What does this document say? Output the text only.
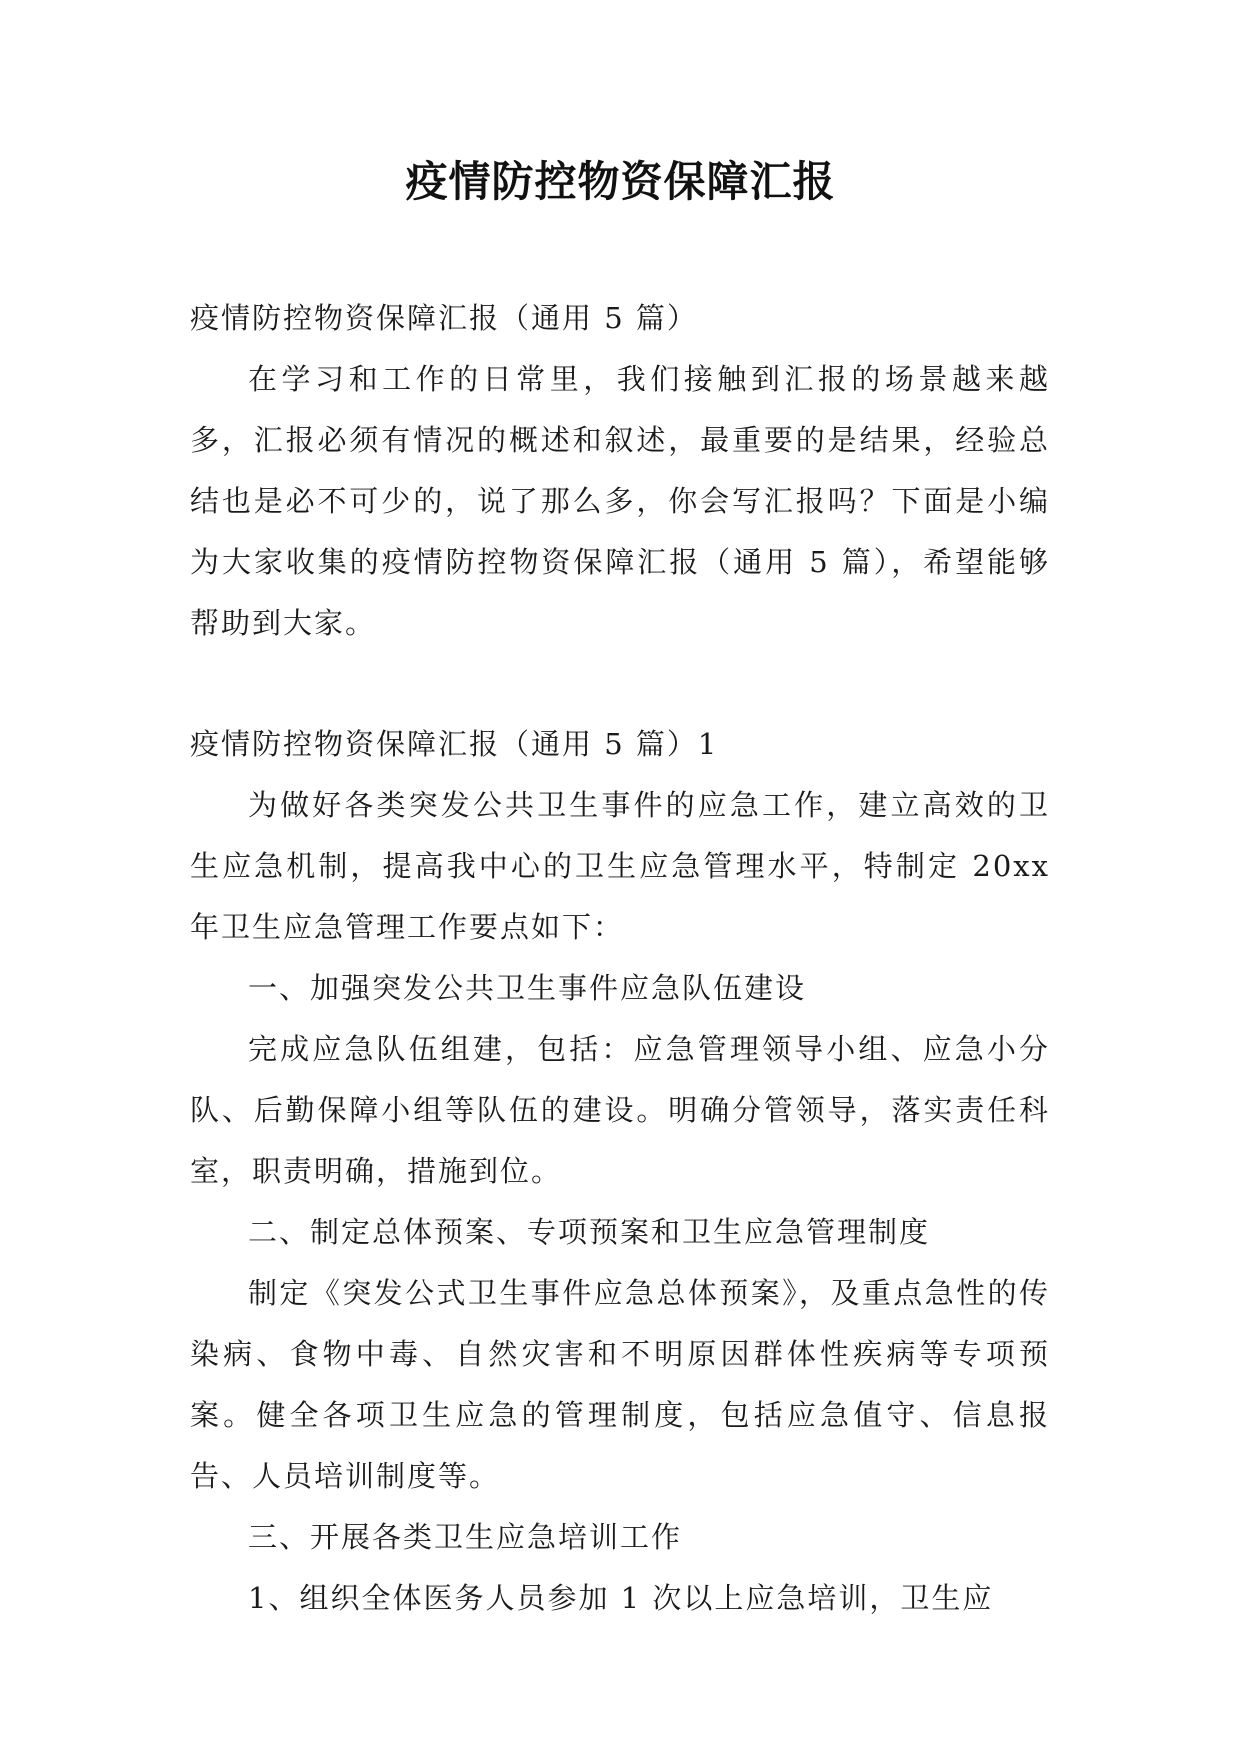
疫情防控物资保障汇报

疫情防控物资保障汇报（通用 5 篇）

在学习和工作的日常里，我们接触到汇报的场景越来越多，汇报必须有情况的概述和叙述，最重要的是结果，经验总结也是必不可少的，说了那么多，你会写汇报吗？下面是小编为大家收集的疫情防控物资保障汇报（通用 5 篇），希望能够帮助到大家。

疫情防控物资保障汇报（通用 5 篇）1

为做好各类突发公共卫生事件的应急工作，建立高效的卫生应急机制，提高我中心的卫生应急管理水平，特制定 20xx 年卫生应急管理工作要点如下：

一、加强突发公共卫生事件应急队伍建设

完成应急队伍组建，包括：应急管理领导小组、应急小分队、后勤保障小组等队伍的建设。明确分管领导，落实责任科室，职责明确，措施到位。

二、制定总体预案、专项预案和卫生应急管理制度

制定《突发公式卫生事件应急总体预案》，及重点急性的传染病、食物中毒、自然灾害和不明原因群体性疾病等专项预案。健全各项卫生应急的管理制度，包括应急值守、信息报告、人员培训制度等。

三、开展各类卫生应急培训工作

1、组织全体医务人员参加 1 次以上应急培训，卫生应
